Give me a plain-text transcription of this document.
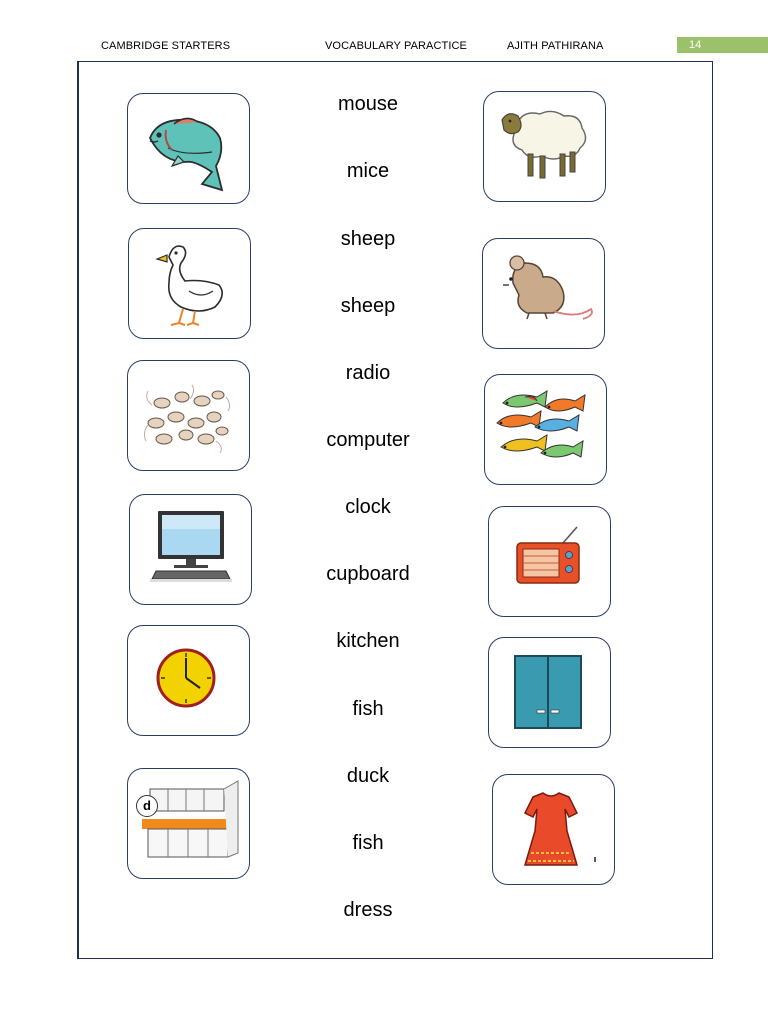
CAMBRIDGE STARTERS	VOCABULARY PARACTICE	AJITH PATHIRANA	14
mouse
mice
sheep
sheep
radio
computer
clock
cupboard
kitchen
fish
duck
fish
dress
d
